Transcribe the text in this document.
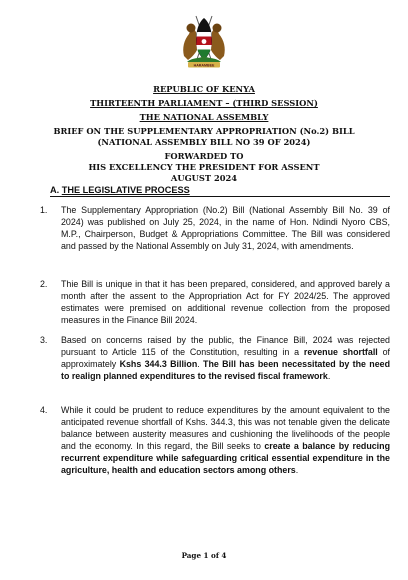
HARAMBEE
REPUBLIC OF KENYA
THIRTEENTH PARLIAMENT – (THIRD SESSION)
THE NATIONAL ASSEMBLY
BRIEF ON THE SUPPLEMENTARY APPROPRIATION (No.2) BILL
(NATIONAL ASSEMBLY BILL NO 39 OF 2024)
FORWARDED TO
HIS EXCELLENCY THE PRESIDENT FOR ASSENT
AUGUST 2024
A. THE LEGISLATIVE PROCESS
1.	The Supplementary Appropriation (No.2) Bill (National Assembly Bill No. 39 of 2024) was published on July 25, 2024, in the name of Hon. Ndindi Nyoro CBS, M.P., Chairperson, Budget & Appropriations Committee. The Bill was considered and passed by the National Assembly on July 31, 2024, with amendments.
2.	Thie Bill is unique in that it has been prepared, considered, and approved barely a month after the assent to the Appropriation Act for FY 2024/25. The approved estimates were premised on additional revenue collection from the proposed measures in the Finance Bill 2024.
3.	Based on concerns raised by the public, the Finance Bill, 2024 was rejected pursuant to Article 115 of the Constitution, resulting in a revenue shortfall of approximately Kshs 344.3 Billion. The Bill has been necessitated by the need to realign planned expenditures to the revised fiscal framework.
4.	While it could be prudent to reduce expenditures by the amount equivalent to the anticipated revenue shortfall of Kshs. 344.3, this was not tenable given the delicate balance between austerity measures and cushioning the livelihoods of the people and the economy. In this regard, the Bill seeks to create a balance by reducing recurrent expenditure while safeguarding critical essential expenditure in the agriculture, health and education sectors among others.
Page 1 of 4
